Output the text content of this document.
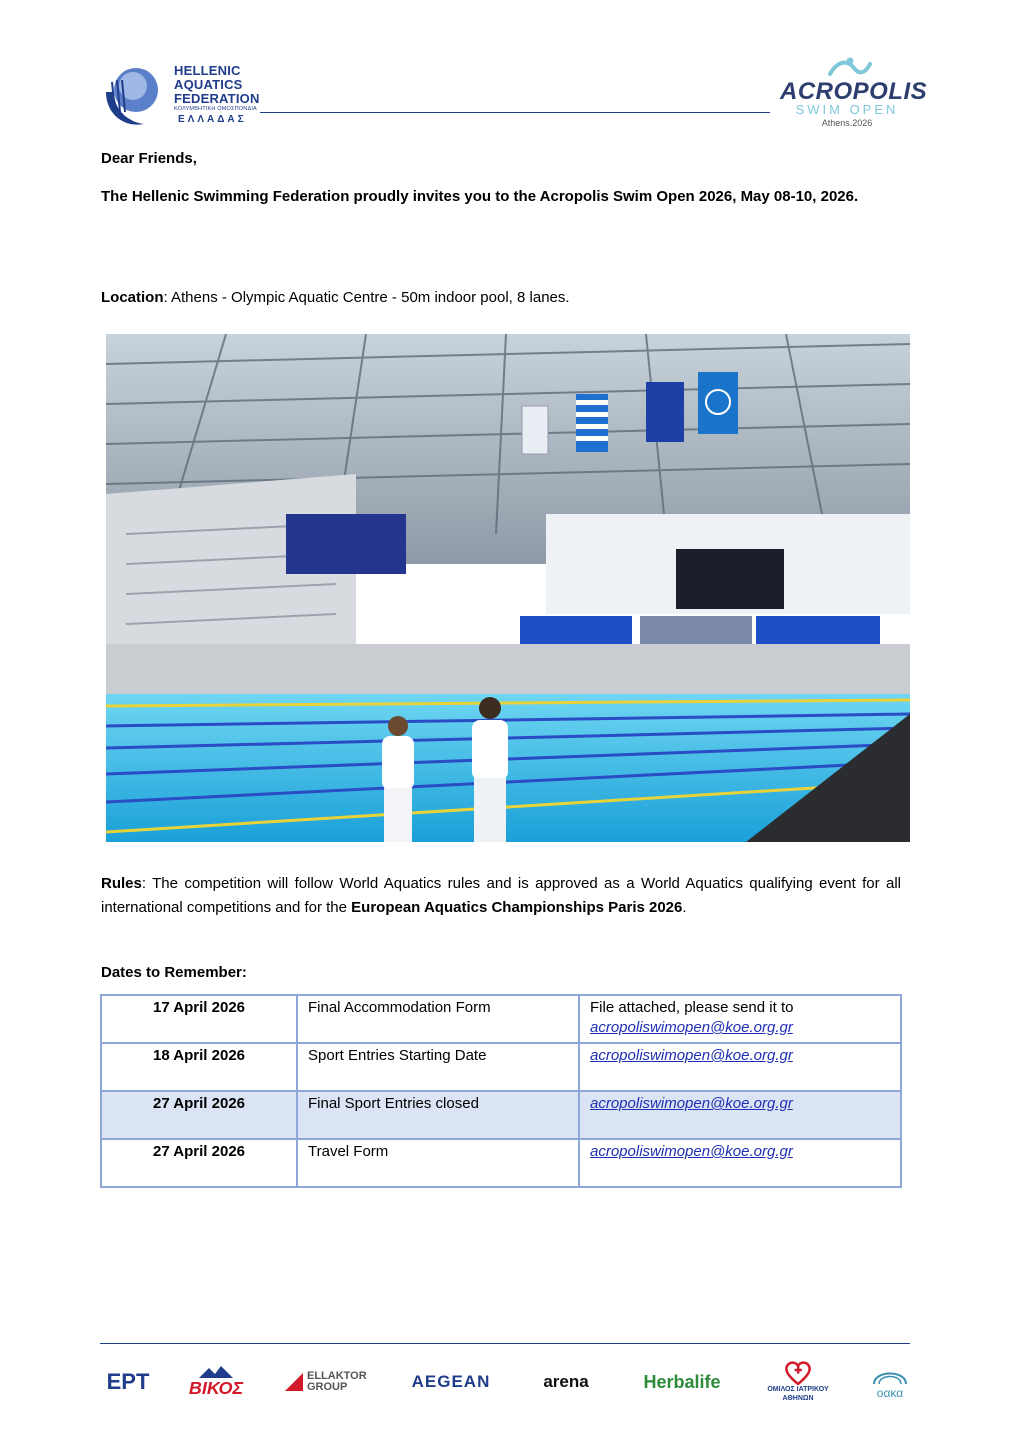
HELLENIC
AQUATICS
FEDERATION
ΚΟΛΥΜΒΗΤΙΚΗ ΟΜΟΣΠΟΝΔΙΑ
ΕΛΛΑΔΑΣ
ACROPOLIS
SWIM OPEN
Athens.2026
Dear Friends,
The Hellenic Swimming Federation proudly invites you to the Acropolis Swim Open 2026, May 08-10, 2026.
Location: Athens - Olympic Aquatic Centre - 50m indoor pool, 8 lanes.
Rules: The competition will follow World Aquatics rules and is approved as a World Aquatics qualifying event for all international competitions and for the European Aquatics Championships Paris 2026.
Dates to Remember:
17 April 2026	Final Accommodation Form	File attached, please send it to
acropoliswimopen@koe.org.gr
18 April 2026	Sport Entries Starting Date	acropoliswimopen@koe.org.gr
27 April 2026	Final Sport Entries closed	acropoliswimopen@koe.org.gr
27 April 2026	Travel Form	acropoliswimopen@koe.org.gr
ΕΡΤ	ΒΙΚΟΣ
ELLAKTOR GROUP	AEGEAN	arena	Herbalife	ΟΜΙΛΟΣ ΙΑΤΡΙΚΟΥ ΑΘΗΝΩΝ	οακα
